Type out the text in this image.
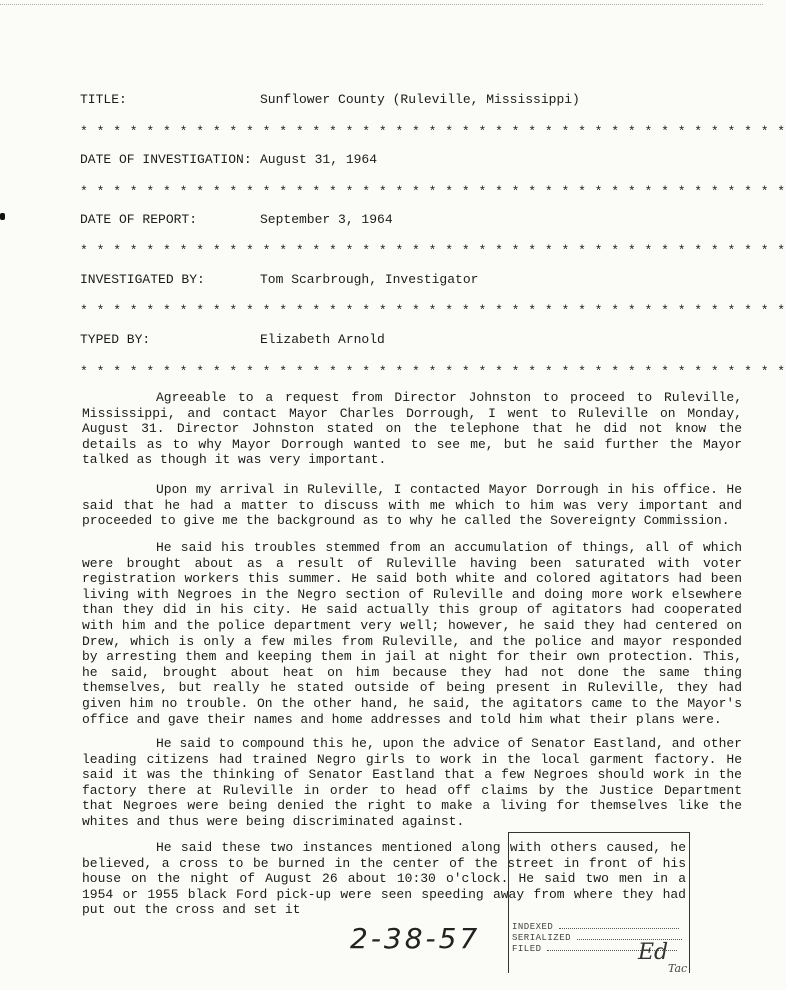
TITLE:	Sunflower County (Ruleville, Mississippi)
* * * * * * * * * * * * * * * * * * * * * * * * * * * * * * * * * * * * * * * * * * *
DATE OF INVESTIGATION: August 31, 1964
* * * * * * * * * * * * * * * * * * * * * * * * * * * * * * * * * * * * * * * * * * *
DATE OF REPORT:	September 3, 1964
* * * * * * * * * * * * * * * * * * * * * * * * * * * * * * * * * * * * * * * * * * *
INVESTIGATED BY:	Tom Scarbrough, Investigator
* * * * * * * * * * * * * * * * * * * * * * * * * * * * * * * * * * * * * * * * * * *
TYPED BY:	Elizabeth Arnold
* * * * * * * * * * * * * * * * * * * * * * * * * * * * * * * * * * * * * * * * * * *

Agreeable to a request from Director Johnston to proceed to Ruleville, Mississippi, and contact Mayor Charles Dorrough, I went to Ruleville on Monday, August 31. Director Johnston stated on the telephone that he did not know the details as to why Mayor Dorrough wanted to see me, but he said further the Mayor talked as though it was very important.

Upon my arrival in Ruleville, I contacted Mayor Dorrough in his office. He said that he had a matter to discuss with me which to him was very important and proceeded to give me the background as to why he called the Sovereignty Commission.

He said his troubles stemmed from an accumulation of things, all of which were brought about as a result of Ruleville having been saturated with voter registration workers this summer. He said both white and colored agitators had been living with Negroes in the Negro section of Ruleville and doing more work elsewhere than they did in his city. He said actually this group of agitators had cooperated with him and the police department very well; however, he said they had centered on Drew, which is only a few miles from Ruleville, and the police and mayor responded by arresting them and keeping them in jail at night for their own protection. This, he said, brought about heat on him because they had not done the same thing themselves, but really he stated outside of being present in Ruleville, they had given him no trouble. On the other hand, he said, the agitators came to the Mayor's office and gave their names and home addresses and told him what their plans were.

He said to compound this he, upon the advice of Senator Eastland, and other leading citizens had trained Negro girls to work in the local garment factory. He said it was the thinking of Senator Eastland that a few Negroes should work in the factory there at Ruleville in order to head off claims by the Justice Department that Negroes were being denied the right to make a living for themselves like the whites and thus were being discriminated against.

He said these two instances mentioned along with others caused, he believed, a cross to be burned in the center of the street in front of his house on the night of August 26 about 10:30 o'clock. He said two men in a 1954 or 1955 black Ford pick-up were seen speeding away from where they had put out the cross and set it

INDEXED
SERIALIZED
FILED
2-38-57	Ed
Tac
